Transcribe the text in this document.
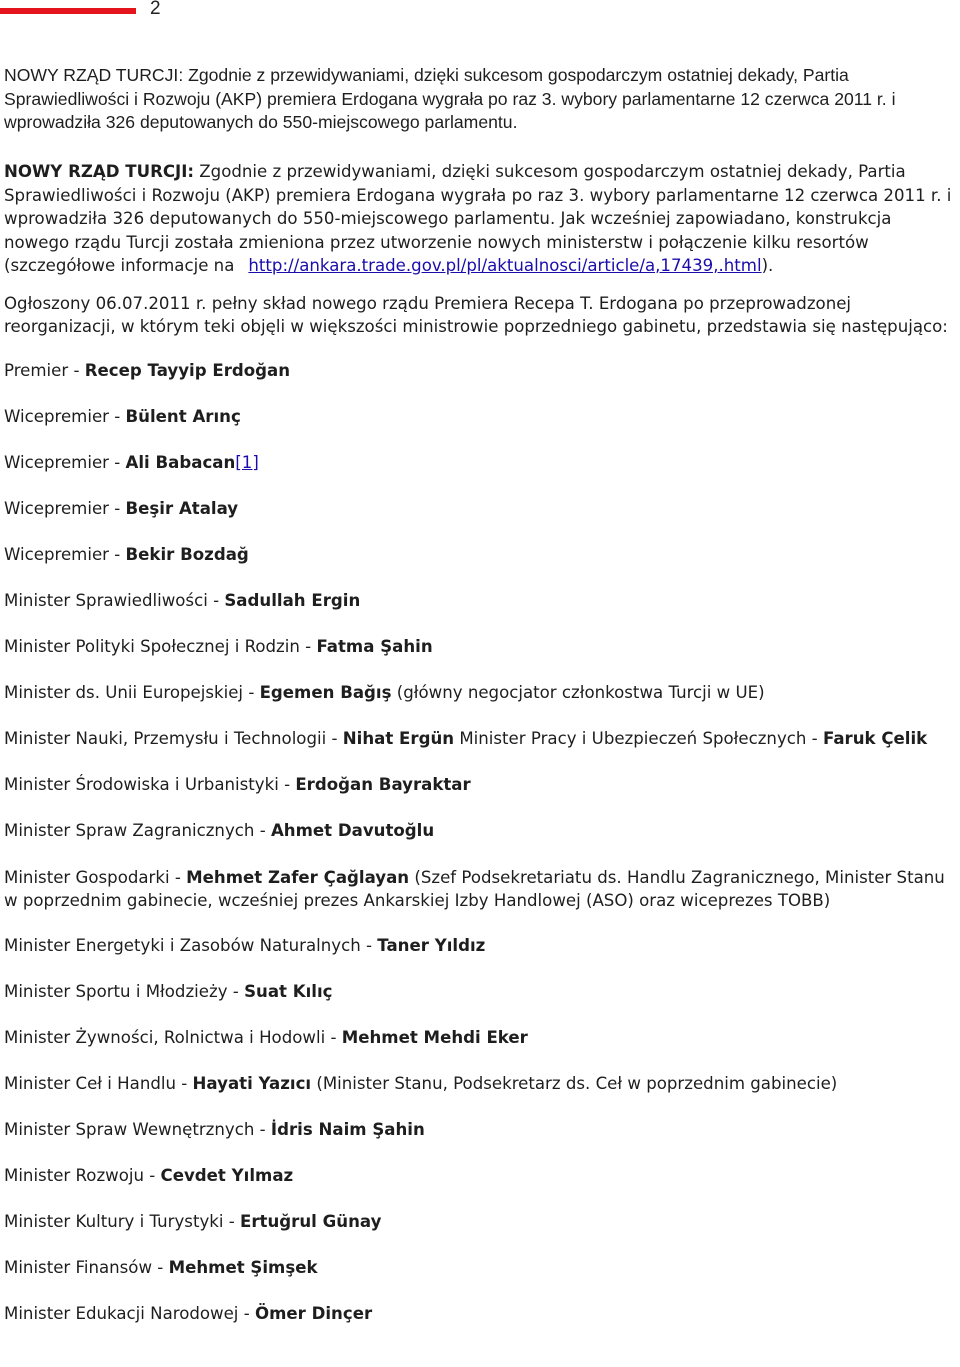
2

NOWY RZĄD TURCJI: Zgodnie z przewidywaniami, dzięki sukcesom gospodarczym ostatniej dekady, Partia Sprawiedliwości i Rozwoju (AKP) premiera Erdogana wygrała po raz 3. wybory parlamentarne 12 czerwca 2011 r. i wprowadziła 326 deputowanych do 550-miejscowego parlamentu.

NOWY RZĄD TURCJI: Zgodnie z przewidywaniami, dzięki sukcesom gospodarczym ostatniej dekady, Partia Sprawiedliwości i Rozwoju (AKP) premiera Erdogana wygrała po raz 3. wybory parlamentarne 12 czerwca 2011 r. i wprowadziła 326 deputowanych do 550-miejscowego parlamentu. Jak wcześniej zapowiadano, konstrukcja nowego rządu Turcji została zmieniona przez utworzenie nowych ministerstw i połączenie kilku resortów (szczegółowe informacje na http://ankara.trade.gov.pl/pl/aktualnosci/article/a,17439,.html).

Ogłoszony 06.07.2011 r. pełny skład nowego rządu Premiera Recepa T. Erdogana po przeprowadzonej reorganizacji, w którym teki objęli w większości ministrowie poprzedniego gabinetu, przedstawia się następująco:

Premier - Recep Tayyip Erdoğan

Wicepremier - Bülent Arınç

Wicepremier - Ali Babacan[1]

Wicepremier - Beşir Atalay

Wicepremier - Bekir Bozdağ

Minister Sprawiedliwości - Sadullah Ergin

Minister Polityki Społecznej i Rodzin - Fatma Şahin

Minister ds. Unii Europejskiej - Egemen Bağış (główny negocjator członkostwa Turcji w UE)

Minister Nauki, Przemysłu i Technologii - Nihat Ergün Minister Pracy i Ubezpieczeń Społecznych - Faruk Çelik

Minister Środowiska i Urbanistyki - Erdoğan Bayraktar

Minister Spraw Zagranicznych - Ahmet Davutoğlu

Minister Gospodarki - Mehmet Zafer Çağlayan (Szef Podsekretariatu ds. Handlu Zagranicznego, Minister Stanu w poprzednim gabinecie, wcześniej prezes Ankarskiej Izby Handlowej (ASO) oraz wiceprezes TOBB)

Minister Energetyki i Zasobów Naturalnych - Taner Yıldız

Minister Sportu i Młodzieży - Suat Kılıç

Minister Żywności, Rolnictwa i Hodowli - Mehmet Mehdi Eker

Minister Ceł i Handlu - Hayati Yazıcı (Minister Stanu, Podsekretarz ds. Ceł w poprzednim gabinecie)

Minister Spraw Wewnętrznych - İdris Naim Şahin

Minister Rozwoju - Cevdet Yılmaz

Minister Kultury i Turystyki - Ertuğrul Günay

Minister Finansów - Mehmet Şimşek

Minister Edukacji Narodowej - Ömer Dinçer
